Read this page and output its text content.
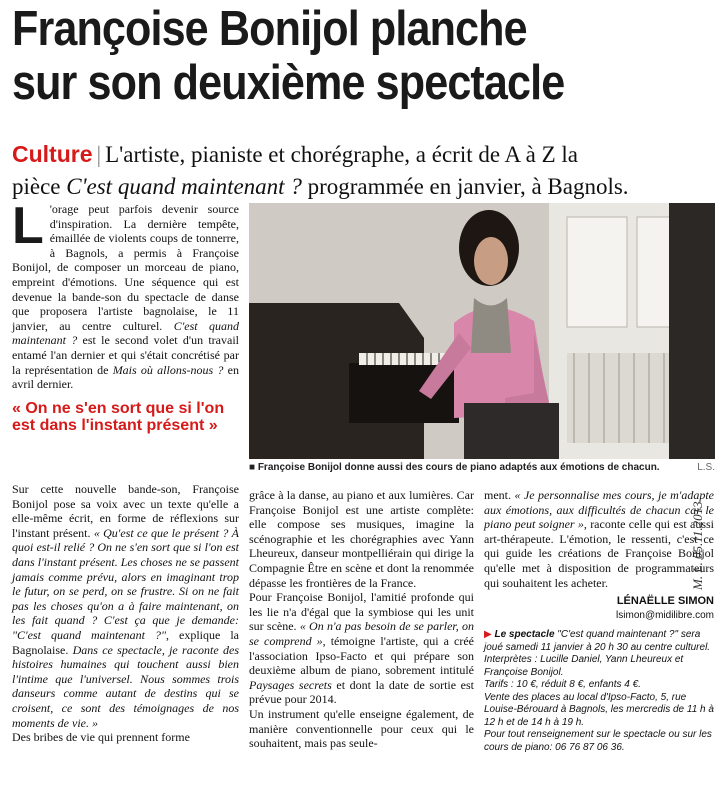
Françoise Bonijol planche
sur son deuxième spectacle
Culture | L'artiste, pianiste et chorégraphe, a écrit de A à Z la
pièce C'est quand maintenant ? programmée en janvier, à Bagnols.
L 'orage peut parfois devenir source d'inspiration. La dernière tempête, émaillée de violents coups de tonnerre, à Bagnols, a permis à Françoise Bonijol, de composer un morceau de piano, empreint d'émotions. Une séquence qui est devenue la bande-son du spectacle de danse que proposera l'artiste bagnolaise, le 11 janvier, au centre culturel. C'est quand maintenant ? est le second volet d'un travail entamé l'an dernier et qui s'était concrétisé par la représentation de Mais où allons-nous ? en avril dernier.
« On ne s'en sort que si l'on est dans l'instant présent »
Sur cette nouvelle bande-son, Françoise Bonijol pose sa voix avec un texte qu'elle a elle-même écrit, en forme de réflexions sur l'instant présent. « Qu'est ce que le présent ? À quoi est-il relié ? On ne s'en sort que si l'on est dans l'instant présent. Les choses ne se passent jamais comme prévu, alors en imaginant trop le futur, on se perd, on se frustre. Si on ne fait pas les choses qu'on a à faire maintenant, on les fait quand ? C'est ça que je demande: "C'est quand maintenant ?", explique la Bagnolaise. Dans ce spectacle, je raconte des histoires humaines qui touchent aussi bien l'intime que l'universel. Nous sommes trois danseurs comme autant de destins qui se croisent, ce sont des témoignages de nos moments de vie. »
Des bribes de vie qui prennent forme
■ Françoise Bonijol donne aussi des cours de piano adaptés aux émotions de chacun.	L.S.
grâce à la danse, au piano et aux lumières. Car Françoise Bonijol est une artiste complète: elle compose ses musiques, imagine la scénographie et les chorégraphies avec Yann Lheureux, danseur montpelliérain qui dirige la Compagnie Être en scène et dont la renommée dépasse les frontières de la France.
Pour Françoise Bonijol, l'amitié profonde qui les lie n'a d'égal que la symbiose qui les unit sur scène. « On n'a pas besoin de se parler, on se comprend », témoigne l'artiste, qui a créé l'association Ipso-Facto et qui prépare son deuxième album de piano, sobrement intitulé Paysages secrets et dont la date de sortie est prévue pour 2014.
Un instrument qu'elle enseigne également, de manière conventionnelle pour ceux qui le souhaitent, mais pas seule-
ment. « Je personnalise mes cours, je m'adapte aux émotions, aux difficultés de chacun car le piano peut soigner », raconte celle qui est aussi art-thérapeute. L'émotion, le ressenti, c'est ce qui guide les créations de Françoise Bonijol qu'elle met à disposition de programmateurs qui souhaitent les acheter.
LÉNAËLLE SIMON
lsimon@midilibre.com
▶ Le spectacle "C'est quand maintenant ?" sera joué samedi 11 janvier à 20 h 30 au centre culturel. Interprètes : Lucille Daniel, Yann Lheureux et Françoise Bonijol.
Tarifs : 10 €, réduit 8 €, enfants 4 €.
Vente des places au local d'Ipso-Facto, 5, rue Louise-Bérouard à Bagnols, les mercredis de 11 h à 12 h et de 14 h à 19 h.
Pour tout renseignement sur le spectacle ou sur les cours de piano: 06 76 87 06 36.
M. L. 05.11.2013
